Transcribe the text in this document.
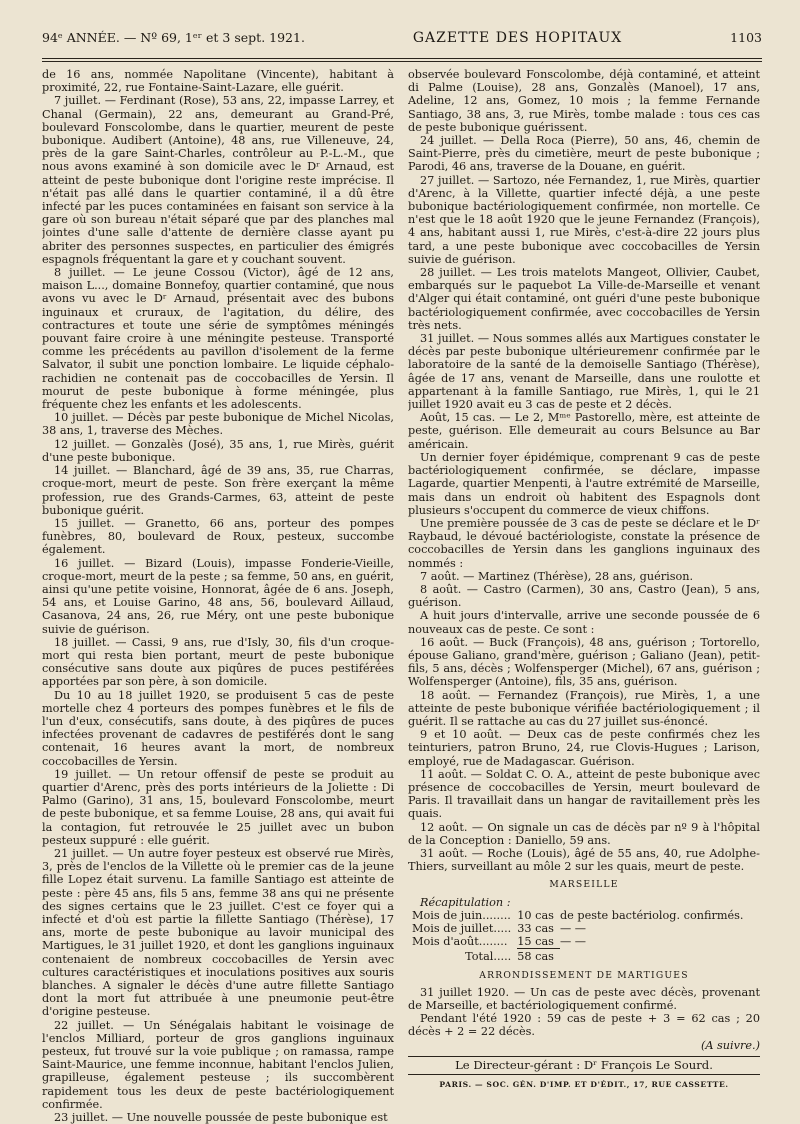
94ᵉ ANNÉE. — Nº 69, 1ᵉʳ et 3 sept. 1921.	GAZETTE DES HOPITAUX	1103

de 16 ans, nommée Napolitane (Vincente), habitant à proximité, 22, rue Fontaine-Saint-Lazare, elle guérit.

7 juillet. — Ferdinant (Rose), 53 ans, 22, impasse Larrey, et Chanal (Germain), 22 ans, demeurant au Grand-Pré, boulevard Fonscolombe, dans le quartier, meurent de peste bubonique. Audibert (Antoine), 48 ans, rue Villeneuve, 24, près de la gare Saint-Charles, contrôleur au P.-L.-M., que nous avons examiné à son domicile avec le Dʳ Arnaud, est atteint de peste bubonique dont l'origine reste imprécise. Il n'était pas allé dans le quartier contaminé, il a dû être infecté par les puces contaminées en faisant son service à la gare où son bureau n'était séparé que par des planches mal jointes d'une salle d'attente de dernière classe ayant pu abriter des personnes suspectes, en particulier des émigrés espagnols fréquentant la gare et y couchant souvent.

8 juillet. — Le jeune Cossou (Victor), âgé de 12 ans, maison L..., domaine Bonnefoy, quartier contaminé, que nous avons vu avec le Dʳ Arnaud, présentait avec des bubons inguinaux et cruraux, de l'agitation, du délire, des contractures et toute une série de symptômes méningés pouvant faire croire à une méningite pesteuse. Transporté comme les précédents au pavillon d'isolement de la ferme Salvator, il subit une ponction lombaire. Le liquide céphalo-rachidien ne contenait pas de coccobacilles de Yersin. Il mourut de peste bubonique à forme méningée, plus fréquente chez les enfants et les adolescents.

10 juillet. — Décès par peste bubonique de Michel Nicolas, 38 ans, 1, traverse des Mèches.

12 juillet. — Gonzalès (José), 35 ans, 1, rue Mirès, guérit d'une peste bubonique.

14 juillet. — Blanchard, âgé de 39 ans, 35, rue Charras, croque-mort, meurt de peste. Son frère exerçant la même profession, rue des Grands-Carmes, 63, atteint de peste bubonique guérit.

15 juillet. — Granetto, 66 ans, porteur des pompes funèbres, 80, boulevard de Roux, pesteux, succombe également.

16 juillet. — Bizard (Louis), impasse Fonderie-Vieille, croque-mort, meurt de la peste ; sa femme, 50 ans, en guérit, ainsi qu'une petite voisine, Honnorat, âgée de 6 ans. Joseph, 54 ans, et Louise Garino, 48 ans, 56, boulevard Aillaud, Casanova, 24 ans, 26, rue Méry, ont une peste bubonique suivie de guérison.

18 juillet. — Cassi, 9 ans, rue d'Isly, 30, fils d'un croque-mort qui resta bien portant, meurt de peste bubonique consécutive sans doute aux piqûres de puces pestiférées apportées par son père, à son domicile.

Du 10 au 18 juillet 1920, se produisent 5 cas de peste mortelle chez 4 porteurs des pompes funèbres et le fils de l'un d'eux, consécutifs, sans doute, à des piqûres de puces infectées provenant de cadavres de pestiférés dont le sang contenait, 16 heures avant la mort, de nombreux coccobacilles de Yersin.

19 juillet. — Un retour offensif de peste se produit au quartier d'Arenc, près des ports intérieurs de la Joliette : Di Palmo (Garino), 31 ans, 15, boulevard Fonscolombe, meurt de peste bubonique, et sa femme Louise, 28 ans, qui avait fui la contagion, fut retrouvée le 25 juillet avec un bubon pesteux suppuré : elle guérit.

21 juillet. — Un autre foyer pesteux est observé rue Mirès, 3, près de l'enclos de la Villette où le premier cas de la jeune fille Lopez était survenu. La famille Santiago est atteinte de peste : père 45 ans, fils 5 ans, femme 38 ans qui ne présente des signes certains que le 23 juillet. C'est ce foyer qui a infecté et d'où est partie la fillette Santiago (Thérèse), 17 ans, morte de peste bubonique au lavoir municipal des Martigues, le 31 juillet 1920, et dont les ganglions inguinaux contenaient de nombreux coccobacilles de Yersin avec cultures caractéristiques et inoculations positives aux souris blanches. A signaler le décès d'une autre fillette Santiago dont la mort fut attribuée à une pneumonie peut-être d'origine pesteuse.

22 juillet. — Un Sénégalais habitant le voisinage de l'enclos Milliard, porteur de gros ganglions inguinaux pesteux, fut trouvé sur la voie publique ; on ramassa, rampe Saint-Maurice, une femme inconnue, habitant l'enclos Julien, grapilleuse, également pesteuse ; ils succombèrent rapidement tous les deux de peste bactériologiquement confirmée.

23 juillet. — Une nouvelle poussée de peste bubonique est

observée boulevard Fonscolombe, déjà contaminé, et atteint di Palme (Louise), 28 ans, Gonzalès (Manoel), 17 ans, Adeline, 12 ans, Gomez, 10 mois ; la femme Fernande Santiago, 38 ans, 3, rue Mirès, tombe malade : tous ces cas de peste bubonique guérissent.

24 juillet. — Della Roca (Pierre), 50 ans, 46, chemin de Saint-Pierre, près du cimetière, meurt de peste bubonique ; Parodi, 46 ans, traverse de la Douane, en guérit.

27 juillet. — Sartozo, née Fernandez, 1, rue Mirès, quartier d'Arenc, à la Villette, quartier infecté déjà, a une peste bubonique bactériologiquement confirmée, non mortelle. Ce n'est que le 18 août 1920 que le jeune Fernandez (François), 4 ans, habitant aussi 1, rue Mirès, c'est-à-dire 22 jours plus tard, a une peste bubonique avec coccobacilles de Yersin suivie de guérison.

28 juillet. — Les trois matelots Mangeot, Ollivier, Caubet, embarqués sur le paquebot La Ville-de-Marseille et venant d'Alger qui était contaminé, ont guéri d'une peste bubonique bactériologiquement confirmée, avec coccobacilles de Yersin très nets.

31 juillet. — Nous sommes allés aux Martigues constater le décès par peste bubonique ultérieuremenr confirmée par le laboratoire de la santé de la demoiselle Santiago (Thérèse), âgée de 17 ans, venant de Marseille, dans une roulotte et appartenant à la famille Santiago, rue Mirès, 1, qui le 21 juillet 1920 avait eu 3 cas de peste et 2 décès.

Août, 15 cas. — Le 2, Mᵐᵉ Pastorello, mère, est atteinte de peste, guérison. Elle demeurait au cours Belsunce au Bar américain.

Un dernier foyer épidémique, comprenant 9 cas de peste bactériologiquement confirmée, se déclare, impasse Lagarde, quartier Menpenti, à l'autre extrémité de Marseille, mais dans un endroit où habitent des Espagnols dont plusieurs s'occupent du commerce de vieux chiffons.

Une première poussée de 3 cas de peste se déclare et le Dʳ Raybaud, le dévoué bactériologiste, constate la présence de coccobacilles de Yersin dans les ganglions inguinaux des nommés :

7 août. — Martinez (Thérèse), 28 ans, guérison.

8 août. — Castro (Carmen), 30 ans, Castro (Jean), 5 ans, guérison.

A huit jours d'intervalle, arrive une seconde poussée de 6 nouveaux cas de peste. Ce sont :

16 août. — Buck (François), 48 ans, guérison ; Tortorello, épouse Galiano, grand'mère, guérison ; Galiano (Jean), petit-fils, 5 ans, décès ; Wolfensperger (Michel), 67 ans, guérison ; Wolfensperger (Antoine), fils, 35 ans, guérison.

18 août. — Fernandez (François), rue Mirès, 1, a une atteinte de peste bubonique vérifiée bactériologiquement ; il guérit. Il se rattache au cas du 27 juillet sus-énoncé.

9 et 10 août. — Deux cas de peste confirmés chez les teinturiers, patron Bruno, 24, rue Clovis-Hugues ; Larison, employé, rue de Madagascar. Guérison.

11 août. — Soldat C. O. A., atteint de peste bubonique avec présence de coccobacilles de Yersin, meurt boulevard de Paris. Il travaillait dans un hangar de ravitaillement près les quais.

12 août. — On signale un cas de décès par nº 9 à l'hôpital de la Conception : Daniello, 59 ans.

31 août. — Roche (Louis), âgé de 55 ans, 40, rue Adolphe-Thiers, surveillant au môle 2 sur les quais, meurt de peste.

MARSEILLE

Récapitulation :

Mois de juin........	10 cas	de peste bactériolog. confirmés.
Mois de juillet.....	33 cas	— —
Mois d'août........	15 cas	— —
Total.....	58 cas	
ARRONDISSEMENT DE MARTIGUES

31 juillet 1920. — Un cas de peste avec décès, provenant de Marseille, et bactériologiquement confirmé.

Pendant l'été 1920 : 59 cas de peste + 3 = 62 cas ; 20 décès + 2 = 22 décès.

(A suivre.)

Le Directeur-gérant : Dʳ François Le Sourd.
PARIS. — SOC. GÉN. D'IMP. ET D'ÉDIT., 17, RUE CASSETTE.
